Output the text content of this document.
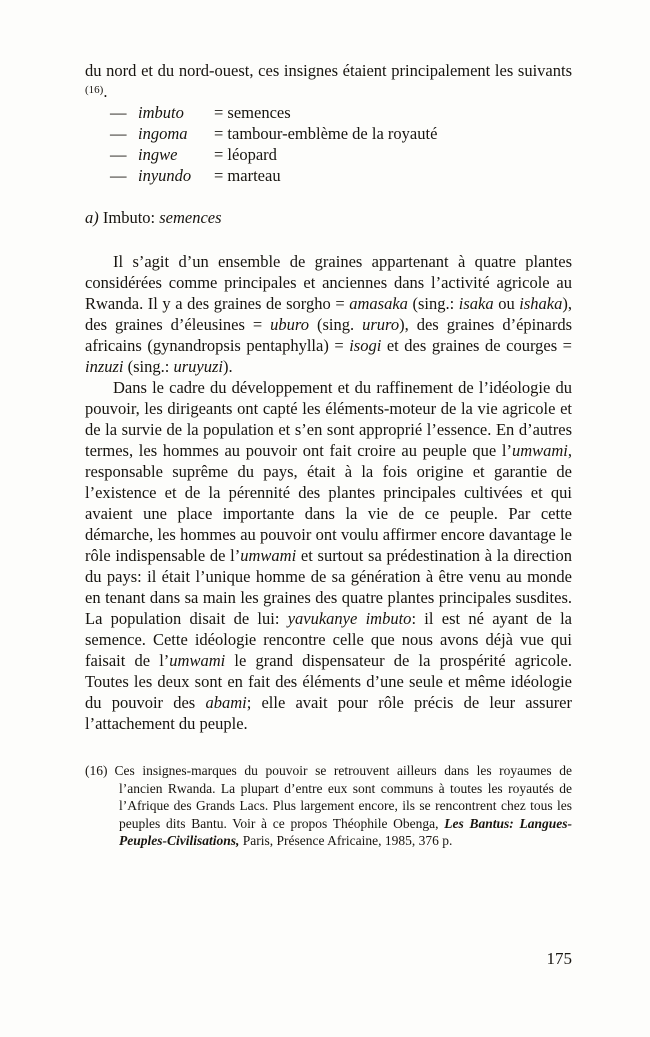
du nord et du nord-ouest, ces insignes étaient principalement les suivants $^{(16)}$.

— imbuto	= semences
— ingoma	= tambour-emblème de la royauté
— ingwe	= léopard
— inyundo	= marteau

a) Imbuto: semences

Il s’agit d’un ensemble de graines appartenant à quatre plantes considérées comme principales et anciennes dans l’activité agricole au Rwanda. Il y a des graines de sorgho = amasaka (sing.: isaka ou ishaka), des graines d’éleusines = uburo (sing. ururo), des graines d’épinards africains (gynandropsis pentaphylla) = isogi et des graines de courges = inzuzi (sing.: uruyuzi).

Dans le cadre du développement et du raffinement de l’idéologie du pouvoir, les dirigeants ont capté les éléments-moteur de la vie agricole et de la survie de la population et s’en sont approprié l’essence. En d’autres termes, les hommes au pouvoir ont fait croire au peuple que l’umwami, responsable suprême du pays, était à la fois origine et garantie de l’existence et de la pérennité des plantes principales cultivées et qui avaient une place importante dans la vie de ce peuple. Par cette démarche, les hommes au pouvoir ont voulu affirmer encore davantage le rôle indispensable de l’umwami et surtout sa prédestination à la direction du pays: il était l’unique homme de sa génération à être venu au monde en tenant dans sa main les graines des quatre plantes principales susdites. La population disait de lui: yavukanye imbuto: il est né ayant de la semence. Cette idéologie rencontre celle que nous avons déjà vue qui faisait de l’umwami le grand dispensateur de la prospérité agricole. Toutes les deux sont en fait des éléments d’une seule et même idéologie du pouvoir des abami; elle avait pour rôle précis de leur assurer l’attachement du peuple.

(16) Ces insignes-marques du pouvoir se retrouvent ailleurs dans les royaumes de l’ancien Rwanda. La plupart d’entre eux sont communs à toutes les royautés de l’Afrique des Grands Lacs. Plus largement encore, ils se rencontrent chez tous les peuples dits Bantu. Voir à ce propos Théophile Obenga, Les Bantus: Langues-Peuples-Civilisations, Paris, Présence Africaine, 1985, 376 p.
175
